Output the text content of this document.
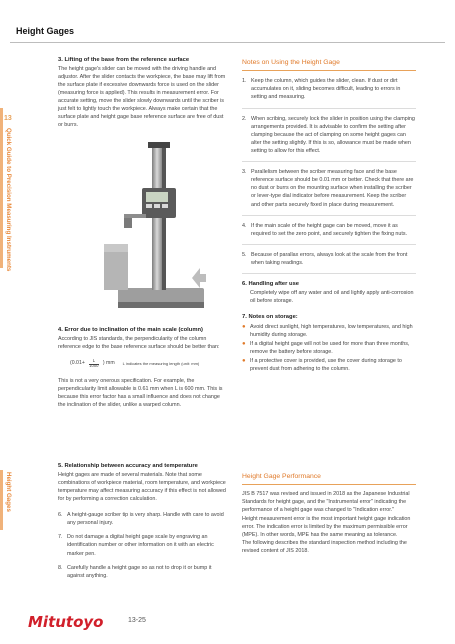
Height Gages
13
Quick Guide to Precision Measuring Instruments
Height Gages
3. Lifting of the base from the reference surface

The height gage's slider can be moved with the driving handle and adjustor. After the slider contacts the workpiece, the base may lift from the surface plate if excessive downwards force is used on the slider (measuring force is applied). This results in measurement error. For accurate setting, move the slider slowly downwards until the scriber is just felt to lightly touch the workpiece. Always make certain that the surface plate and height gage base reference surface are free of dust or burrs.

4. Error due to inclination of the main scale (column)

According to JIS standards, the perpendicularity of the column reference edge to the base reference surface should be better than:

($0.01+ \frac{L}{1000}$ ) mm L indicates the measuring length (unit: mm)

This is not a very onerous specification. For example, the perpendicularity limit allowable is 0.61 mm when L is 600 mm. This is because this error factor has a small influence and does not change the inclination of the slider, unlike a warped column.

5. Relationship between accuracy and temperature

Height gages are made of several materials. Note that some combinations of workpiece material, room temperature, and workpiece temperature may affect measuring accuracy if this effect is not allowed for by performing a correction calculation.

6. A height-gauge scriber tip is very sharp. Handle with care to avoid any personal injury.
7. Do not damage a digital height gage scale by engraving an identification number or other information on it with an electric marker pen.
8. Carefully handle a height gage so as not to drop it or bump it against anything.
Notes on Using the Height Gage
1. Keep the column, which guides the slider, clean. If dust or dirt accumulates on it, sliding becomes difficult, leading to errors in setting and measuring.
2. When scribing, securely lock the slider in position using the clamping arrangements provided. It is advisable to confirm the setting after clamping because the act of clamping on some height gages can alter the setting slightly. If this is so, allowance must be made when setting to allow for this effect.
3. Parallelism between the scriber measuring face and the base reference surface should be 0.01 mm or better. Check that there are no dust or burrs on the mounting surface when installing the scriber or lever-type dial indicator before measurement. Keep the scriber and other parts securely fixed in place during measurement.
4. If the main scale of the height gage can be moved, move it as required to set the zero point, and securely tighten the fixing nuts.
5. Because of parallax errors, always look at the scale from the front when taking readings.
6. Handling after use

Completely wipe off any water and oil and lightly apply anti-corrosion oil before storage.

7. Notes on storage:
● Avoid direct sunlight, high temperatures, low temperatures, and high humidity during storage.
● If a digital height gage will not be used for more than three months, remove the battery before storage.
● If a protective cover is provided, use the cover during storage to prevent dust from adhering to the column.
Height Gage Performance

JIS B 7517 was revised and issued in 2018 as the Japanese Industrial Standards for height gage, and the "Instrumental error" indicating the performance of a height gage was changed to "Indication error."

Height measurement error is the most important height gage indication error. The indication error is limited by the maximum permissible error (MPE). In other words, MPE has the same meaning as tolerance.

The following describes the standard inspection method including the revised content of JIS 2018.

Mitutoyo	13-25
